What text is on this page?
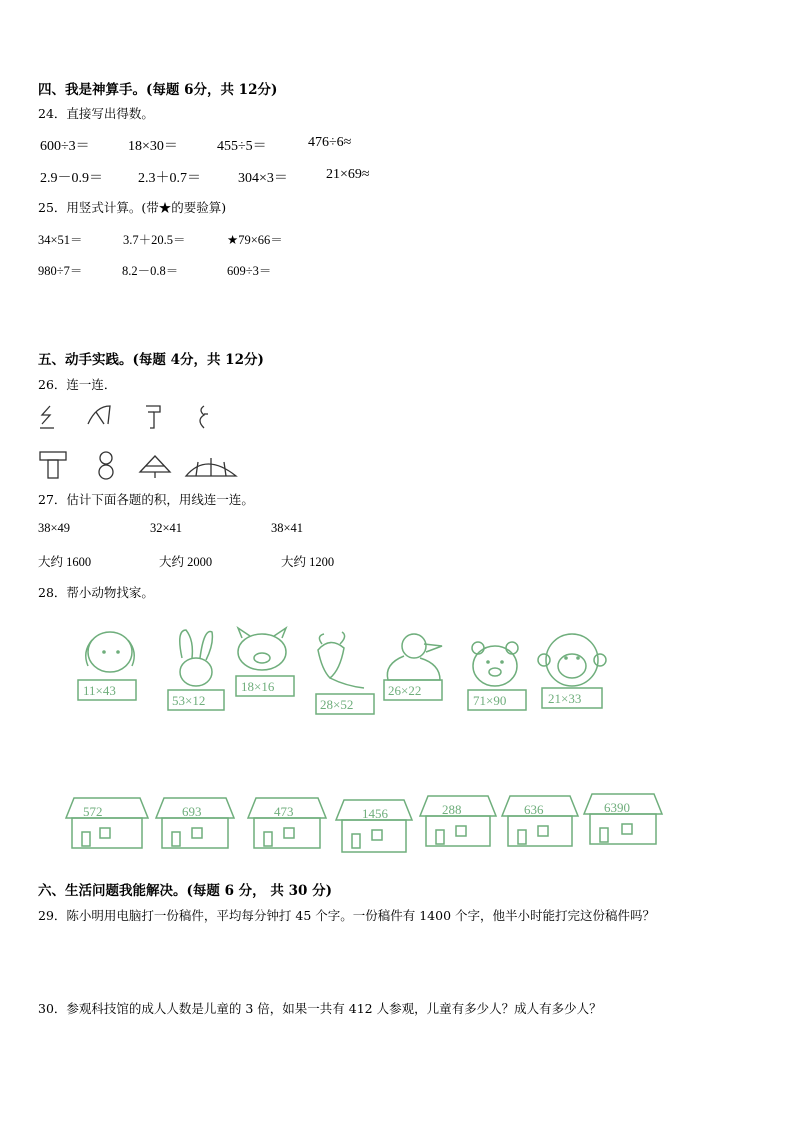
四、我是神算手。(每题 6分，共 12分)
24．直接写出得数。
600÷3＝	18×30＝	455÷5＝	476÷6≈
2.9－0.9＝	2.3＋0.7＝	304×3＝	21×69≈
25．用竖式计算。(带★的要验算)
34×51＝	3.7＋20.5＝	★79×66＝
980÷7＝	8.2－0.8＝	609÷3＝
五、动手实践。(每题 4分，共 12分)
26．连一连．
27．估计下面各题的积，用线连一连。
38×49	32×41	38×41
大约 1600	大约 2000	大约 1200
28．帮小动物找家。
11×43
53×12
18×16
28×52
26×22
71×90	21×33
572	693	473	1456	288	636	6390
六、生活问题我能解决。(每题 6 分， 共 30 分)
29．陈小明用电脑打一份稿件，平均每分钟打 45 个字。一份稿件有 1400 个字，他半小时能打完这份稿件吗？
30．参观科技馆的成人人数是儿童的 3 倍，如果一共有 412 人参观，儿童有多少人？成人有多少人？
